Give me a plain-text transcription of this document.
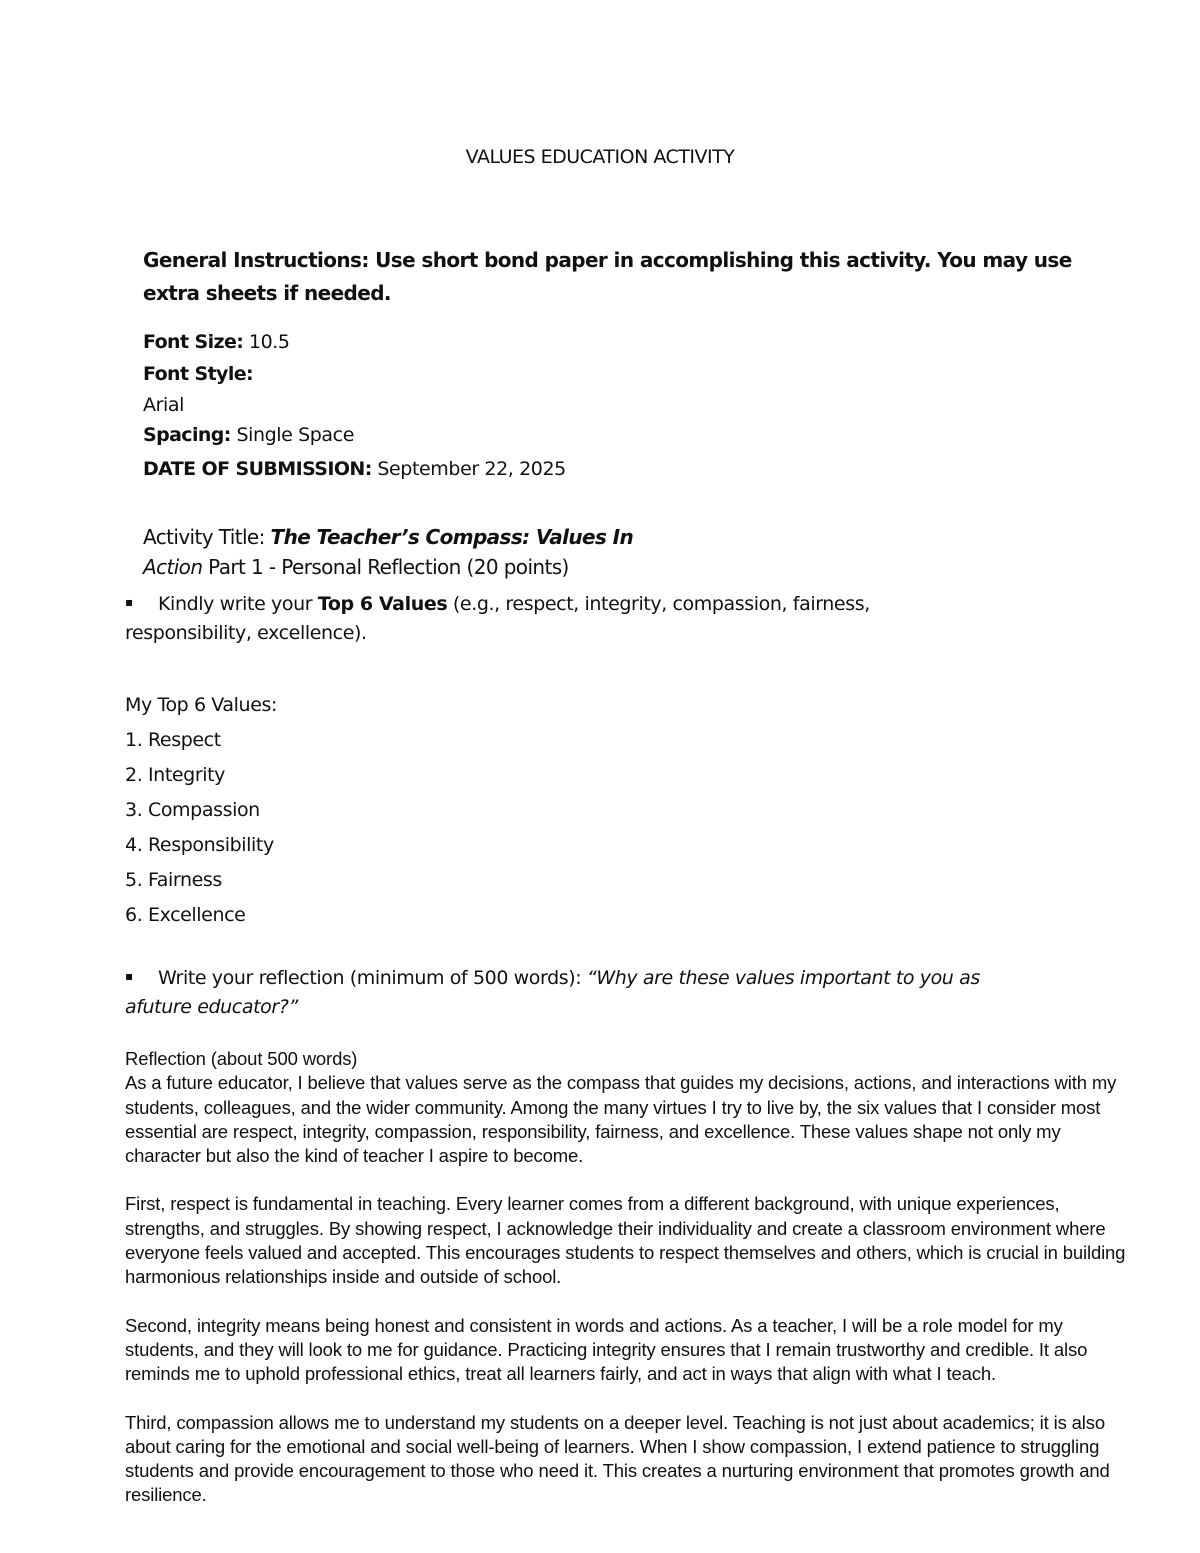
VALUES EDUCATION ACTIVITY
General Instructions: Use short bond paper in accomplishing this activity. You may use
extra sheets if needed.
Font Size: 10.5
Font Style:
Arial
Spacing: Single Space
DATE OF SUBMISSION: September 22, 2025
Activity Title: The Teacher’s Compass: Values In
Action Part 1 - Personal Reflection (20 points)
▪ Kindly write your Top 6 Values (e.g., respect, integrity, compassion, fairness,
responsibility, excellence).
My Top 6 Values:
1. Respect
2. Integrity
3. Compassion
4. Responsibility
5. Fairness
6. Excellence
▪ Write your reflection (minimum of 500 words): “Why are these values important to you as
afuture educator?”

Reflection (about 500 words)

As a future educator, I believe that values serve as the compass that guides my decisions, actions, and interactions with my students, colleagues, and the wider community. Among the many virtues I try to live by, the six values that I consider most essential are respect, integrity, compassion, responsibility, fairness, and excellence. These values shape not only my character but also the kind of teacher I aspire to become.

First, respect is fundamental in teaching. Every learner comes from a different background, with unique experiences, strengths, and struggles. By showing respect, I acknowledge their individuality and create a classroom environment where everyone feels valued and accepted. This encourages students to respect themselves and others, which is crucial in building harmonious relationships inside and outside of school.

Second, integrity means being honest and consistent in words and actions. As a teacher, I will be a role model for my students, and they will look to me for guidance. Practicing integrity ensures that I remain trustworthy and credible. It also reminds me to uphold professional ethics, treat all learners fairly, and act in ways that align with what I teach.

Third, compassion allows me to understand my students on a deeper level. Teaching is not just about academics; it is also about caring for the emotional and social well-being of learners. When I show compassion, I extend patience to struggling students and provide encouragement to those who need it. This creates a nurturing environment that promotes growth and resilience.
